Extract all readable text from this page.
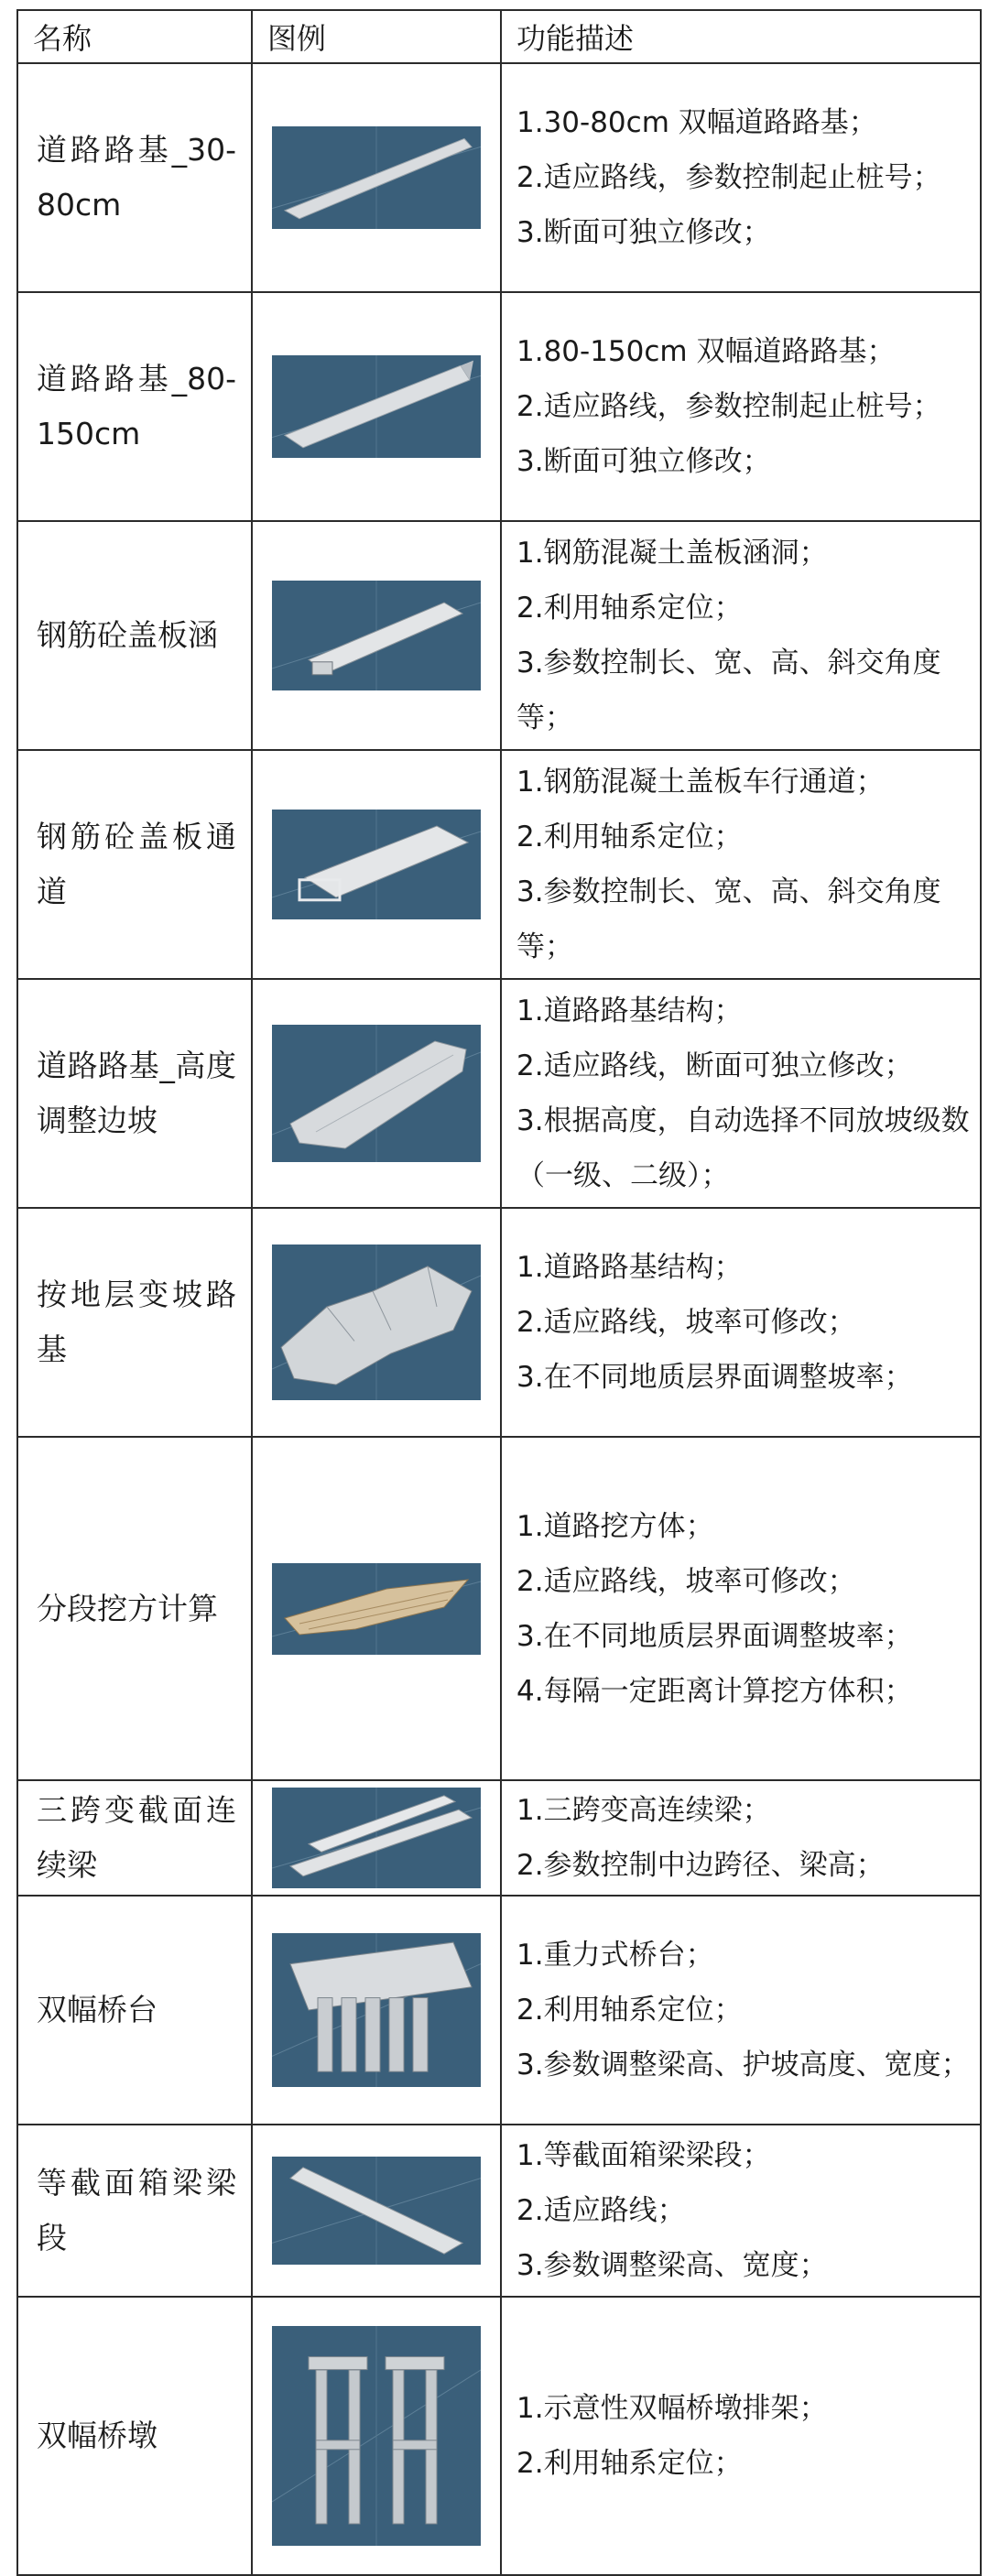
名称	图例	功能描述
道路路基_30-80cm		1.30-80cm 双幅道路路基；
2.适应路线，参数控制起止桩号；
3.断面可独立修改；

道路路基_80-150cm		1.80-150cm 双幅道路路基；
2.适应路线，参数控制起止桩号；
3.断面可独立修改；

钢筋砼盖板涵		1.钢筋混凝土盖板涵洞；
2.利用轴系定位；
3.参数控制长、宽、高、斜交角度等；

钢筋砼盖板通道		1.钢筋混凝土盖板车行通道；
2.利用轴系定位；
3.参数控制长、宽、高、斜交角度等；

道路路基_高度调整边坡		1.道路路基结构；
2.适应路线，断面可独立修改；
3.根据高度，自动选择不同放坡级数（一级、二级）；

按地层变坡路基		1.道路路基结构；
2.适应路线，坡率可修改；
3.在不同地质层界面调整坡率；

分段挖方计算		1.道路挖方体；
2.适应路线，坡率可修改；
3.在不同地质层界面调整坡率；
4.每隔一定距离计算挖方体积；

三跨变截面连续梁		1.三跨变高连续梁；
2.参数控制中边跨径、梁高；

双幅桥台		1.重力式桥台；
2.利用轴系定位；
3.参数调整梁高、护坡高度、宽度；

等截面箱梁梁段		1.等截面箱梁梁段；
2.适应路线；
3.参数调整梁高、宽度；

双幅桥墩		1.示意性双幅桥墩排架；
2.利用轴系定位；
